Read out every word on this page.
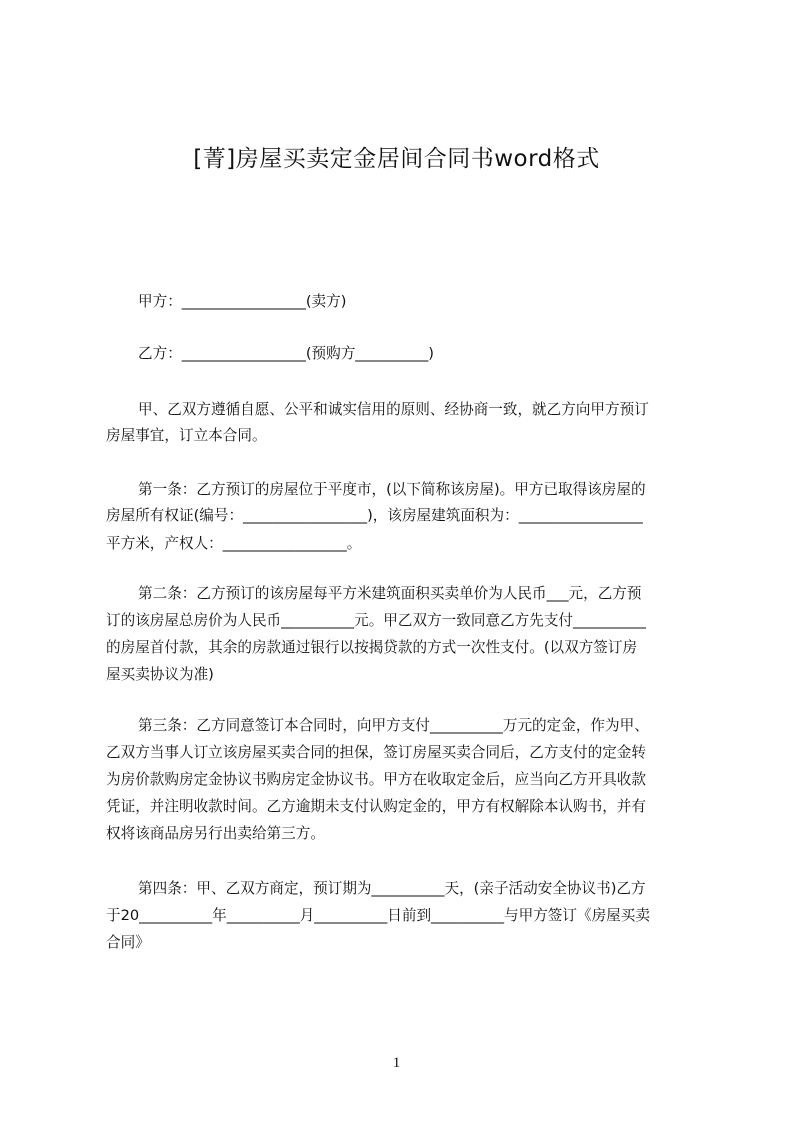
[菁]房屋买卖定金居间合同书word格式
甲方：_________________(卖方)
乙方：_________________(预购方__________)
甲、乙双方遵循自愿、公平和诚实信用的原则、经协商一致，就乙方向甲方预订
房屋事宜，订立本合同。
第一条：乙方预订的房屋位于平度市，(以下简称该房屋)。甲方已取得该房屋的
房屋所有权证(编号：_________________)，该房屋建筑面积为：_________________
平方米，产权人：_________________。
第二条：乙方预订的该房屋每平方米建筑面积买卖单价为人民币___元，乙方预
订的该房屋总房价为人民币__________元。甲乙双方一致同意乙方先支付__________
的房屋首付款，其余的房款通过银行以按揭贷款的方式一次性支付。(以双方签订房
屋买卖协议为准)
第三条：乙方同意签订本合同时，向甲方支付__________万元的定金，作为甲、
乙双方当事人订立该房屋买卖合同的担保，签订房屋买卖合同后，乙方支付的定金转
为房价款购房定金协议书购房定金协议书。甲方在收取定金后，应当向乙方开具收款
凭证，并注明收款时间。乙方逾期未支付认购定金的，甲方有权解除本认购书，并有
权将该商品房另行出卖给第三方。
第四条：甲、乙双方商定，预订期为__________天，(亲子活动安全协议书)乙方
于20__________年__________月__________日前到__________与甲方签订《房屋买卖
合同》
1
